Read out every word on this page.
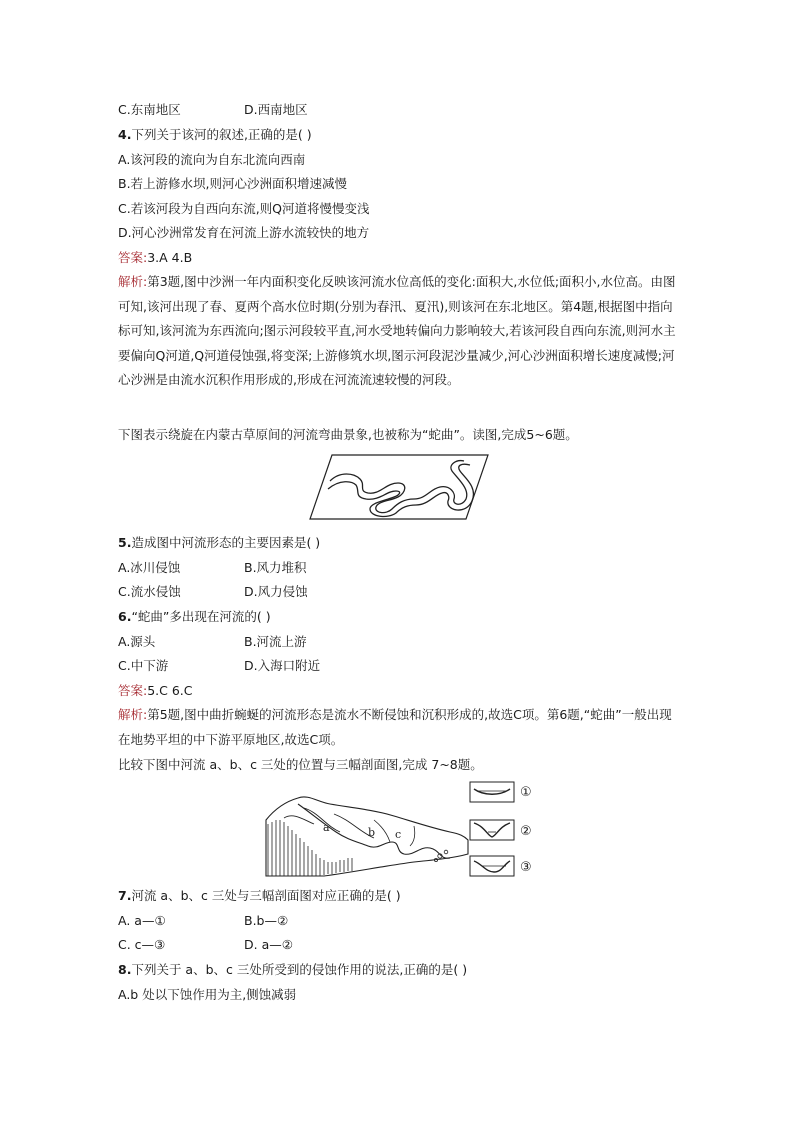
C.东南地区	D.西南地区
4.下列关于该河的叙述,正确的是( )
A.该河段的流向为自东北流向西南
B.若上游修水坝,则河心沙洲面积增速减慢
C.若该河段为自西向东流,则Q河道将慢慢变浅
D.河心沙洲常发育在河流上游水流较快的地方
答案:3.A 4.B
解析:第3题,图中沙洲一年内面积变化反映该河流水位高低的变化:面积大,水位低;面积小,水位高。由图可知,该河出现了春、夏两个高水位时期(分别为春汛、夏汛),则该河在东北地区。第4题,根据图中指向标可知,该河流为东西流向;图示河段较平直,河水受地转偏向力影响较大,若该河段自西向东流,则河水主要偏向Q河道,Q河道侵蚀强,将变深;上游修筑水坝,图示河段泥沙量减少,河心沙洲面积增长速度减慢;河心沙洲是由流水沉积作用形成的,形成在河流流速较慢的河段。
下图表示绕旋在内蒙古草原间的河流弯曲景象,也被称为“蛇曲”。读图,完成5~6题。
5.造成图中河流形态的主要因素是( )
A.冰川侵蚀	B.风力堆积
C.流水侵蚀	D.风力侵蚀
6.“蛇曲”多出现在河流的( )
A.源头	B.河流上游
C.中下游	D.入海口附近
答案:5.C 6.C
解析:第5题,图中曲折蜿蜒的河流形态是流水不断侵蚀和沉积形成的,故选C项。第6题,“蛇曲”一般出现在地势平坦的中下游平原地区,故选C项。
比较下图中河流 a、b、c 三处的位置与三幅剖面图,完成 7~8题。
a	b c
①
②
③
7.河流 a、b、c 三处与三幅剖面图对应正确的是( )
A. a—①	B.b—②
C. c—③	D. a—②
8.下列关于 a、b、c 三处所受到的侵蚀作用的说法,正确的是( )
A.b 处以下蚀作用为主,侧蚀减弱
